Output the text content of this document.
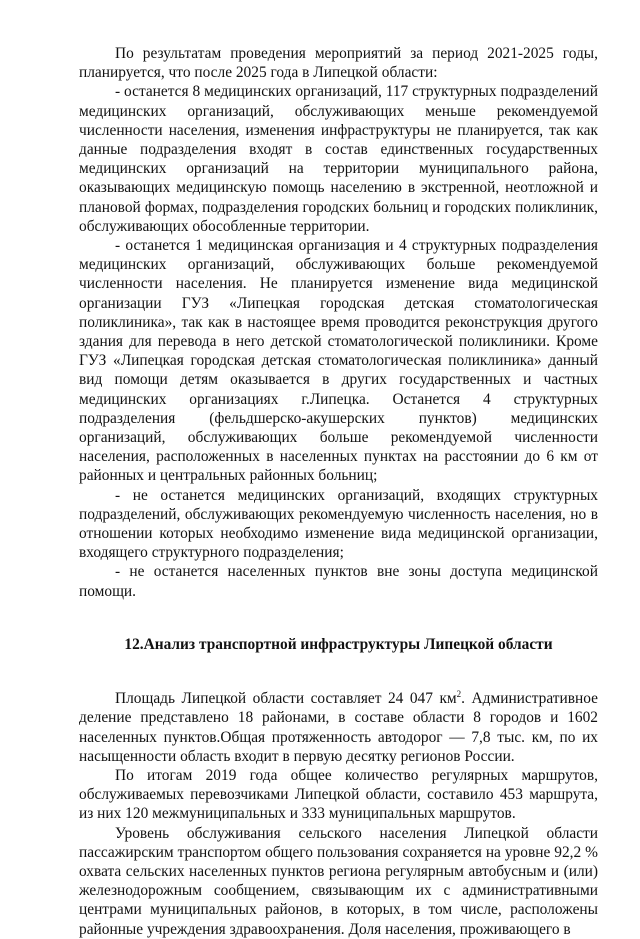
По результатам проведения мероприятий за период 2021-2025 годы, планируется, что после 2025 года в Липецкой области:

- останется 8 медицинских организаций, 117 структурных подразделений медицинских организаций, обслуживающих меньше рекомендуемой численности населения, изменения инфраструктуры не планируется, так как данные подразделения входят в состав единственных государственных медицинских организаций на территории муниципального района, оказывающих медицинскую помощь населению в экстренной, неотложной и плановой формах, подразделения городских больниц и городских поликлиник, обслуживающих обособленные территории.

- останется 1 медицинская организация и 4 структурных подразделения медицинских организаций, обслуживающих больше рекомендуемой численности населения. Не планируется изменение вида медицинской организации ГУЗ «Липецкая городская детская стоматологическая поликлиника», так как в настоящее время проводится реконструкция другого здания для перевода в него детской стоматологической поликлиники. Кроме ГУЗ «Липецкая городская детская стоматологическая поликлиника» данный вид помощи детям оказывается в других государственных и частных медицинских организациях г.Липецка. Останется 4 структурных подразделения (фельдшерско-акушерских пунктов) медицинских организаций, обслуживающих больше рекомендуемой численности населения, расположенных в населенных пунктах на расстоянии до 6 км от районных и центральных районных больниц;

- не останется медицинских организаций, входящих структурных подразделений, обслуживающих рекомендуемую численность населения, но в отношении которых необходимо изменение вида медицинской организации, входящего структурного подразделения;

- не останется населенных пунктов вне зоны доступа медицинской помощи.

12.Анализ транспортной инфраструктуры Липецкой области

Площадь Липецкой области составляет 24 047 $км^2$. Административное деление представлено 18 районами, в составе области 8 городов и 1602 населенных пунктов.Общая протяженность автодорог — 7,8 тыс. км, по их насыщенности область входит в первую десятку регионов России.

По итогам 2019 года общее количество регулярных маршрутов, обслуживаемых перевозчиками Липецкой области, составило 453 маршрута, из них 120 межмуниципальных и 333 муниципальных маршрутов.

Уровень обслуживания сельского населения Липецкой области пассажирским транспортом общего пользования сохраняется на уровне 92,2 % охвата сельских населенных пунктов региона регулярным автобусным и (или) железнодорожным сообщением, связывающим их с административными центрами муниципальных районов, в которых, в том числе, расположены районные учреждения здравоохранения. Доля населения, проживающего в
